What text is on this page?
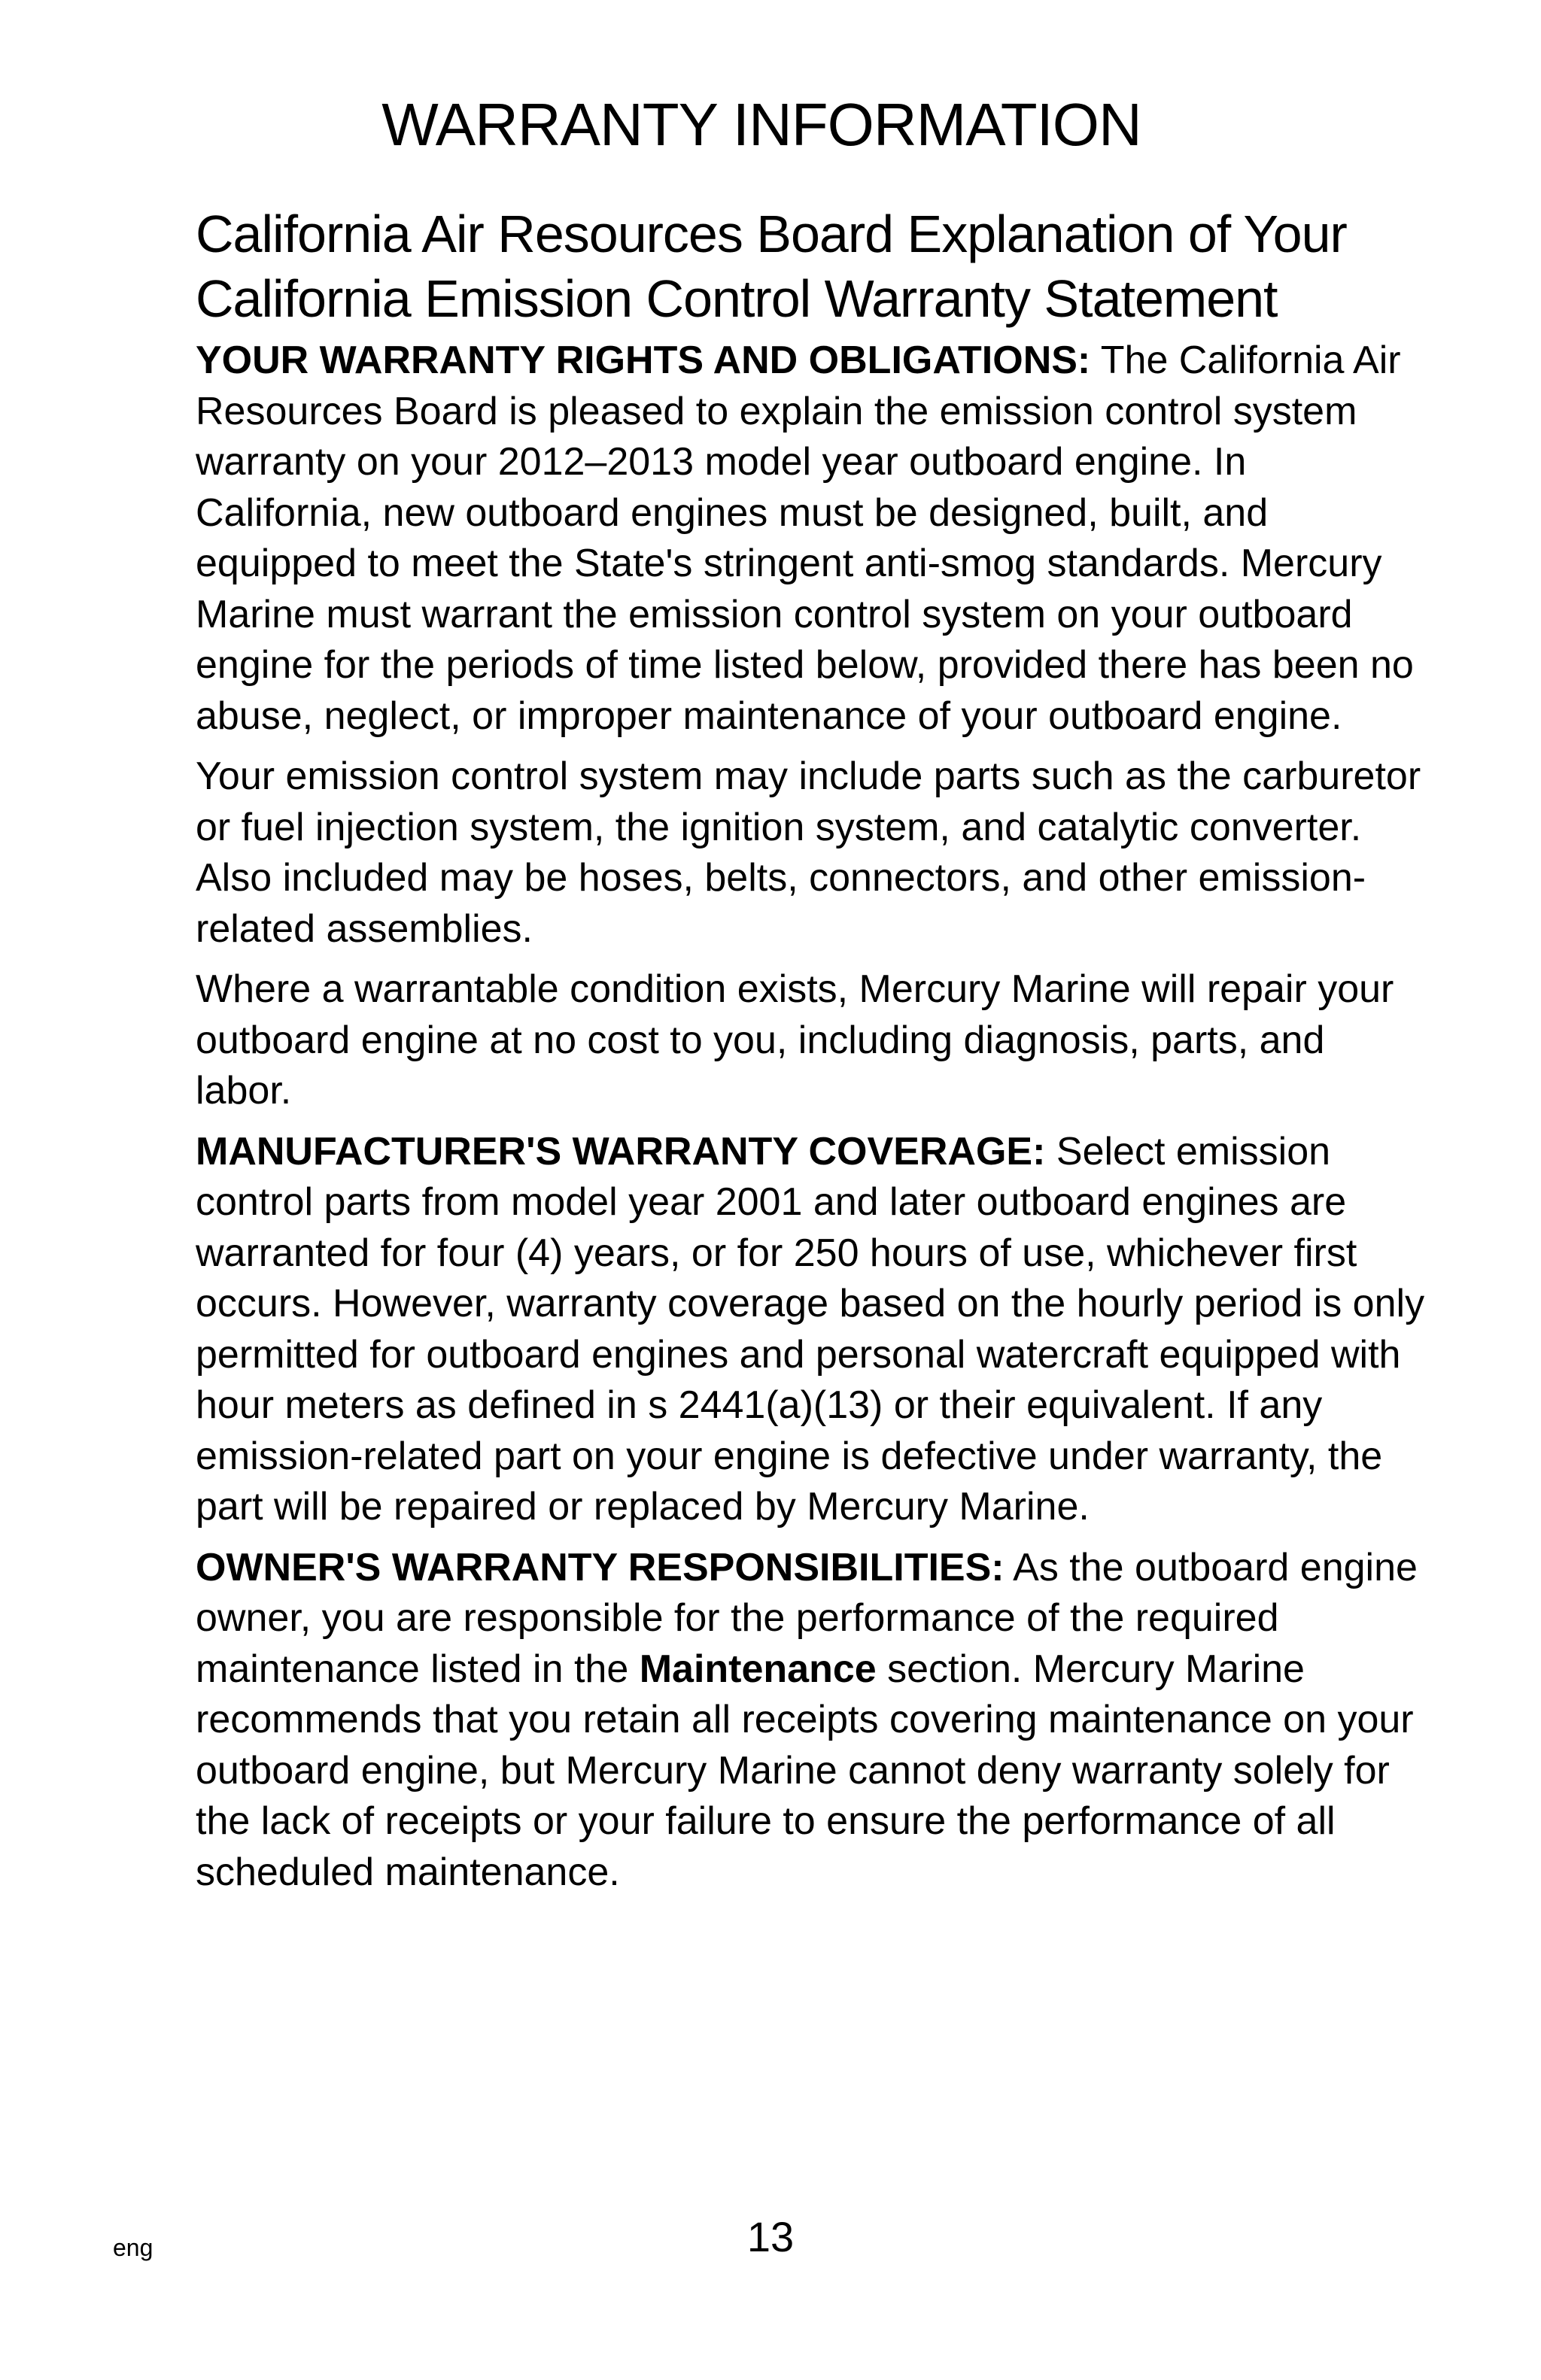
WARRANTY INFORMATION
California Air Resources Board Explanation of Your California Emission Control Warranty Statement

YOUR WARRANTY RIGHTS AND OBLIGATIONS: The California Air Resources Board is pleased to explain the emission control system warranty on your 2012–2013 model year outboard engine. In California, new outboard engines must be designed, built, and equipped to meet the State's stringent anti-smog standards. Mercury Marine must warrant the emission control system on your outboard engine for the periods of time listed below, provided there has been no abuse, neglect, or improper maintenance of your outboard engine.

Your emission control system may include parts such as the carburetor or fuel injection system, the ignition system, and catalytic converter. Also included may be hoses, belts, connectors, and other emission-related assemblies.

Where a warrantable condition exists, Mercury Marine will repair your outboard engine at no cost to you, including diagnosis, parts, and labor.

MANUFACTURER'S WARRANTY COVERAGE: Select emission control parts from model year 2001 and later outboard engines are warranted for four (4) years, or for 250 hours of use, whichever first occurs. However, warranty coverage based on the hourly period is only permitted for outboard engines and personal watercraft equipped with hour meters as defined in s 2441(a)(13) or their equivalent. If any emission-related part on your engine is defective under warranty, the part will be repaired or replaced by Mercury Marine.

OWNER'S WARRANTY RESPONSIBILITIES: As the outboard engine owner, you are responsible for the performance of the required maintenance listed in the Maintenance section. Mercury Marine recommends that you retain all receipts covering maintenance on your outboard engine, but Mercury Marine cannot deny warranty solely for the lack of receipts or your failure to ensure the performance of all scheduled maintenance.

eng	13
